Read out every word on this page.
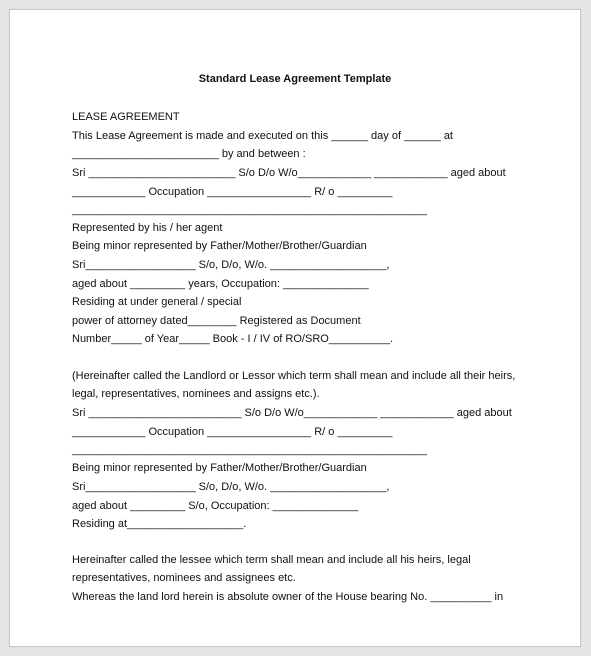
Standard Lease Agreement Template
LEASE AGREEMENT
This Lease Agreement is made and executed on this ______ day of ______ at
________________________ by and between :
Sri ________________________ S/o D/o W/o____________ ____________ aged about
____________ Occupation _________________ R/ o _________
__________________________________________________________
Represented by his / her agent
Being minor represented by Father/Mother/Brother/Guardian
Sri__________________ S/o, D/o, W/o. ___________________,
aged about _________ years, Occupation: ______________
Residing at under general / special
power of attorney dated________ Registered as Document
Number_____ of Year_____ Book - I / IV of RO/SRO__________.
(Hereinafter called the Landlord or Lessor which term shall mean and include all their heirs,
legal, representatives, nominees and assigns etc.).
Sri _________________________ S/o D/o W/o____________ ____________ aged about
____________ Occupation _________________ R/ o _________
__________________________________________________________
Being minor represented by Father/Mother/Brother/Guardian
Sri__________________ S/o, D/o, W/o. ___________________,
aged about _________ S/o, Occupation: ______________
Residing at___________________.
Hereinafter called the lessee which term shall mean and include all his heirs, legal
representatives, nominees and assignees etc.
Whereas the land lord herein is absolute owner of the House bearing No. __________ in
